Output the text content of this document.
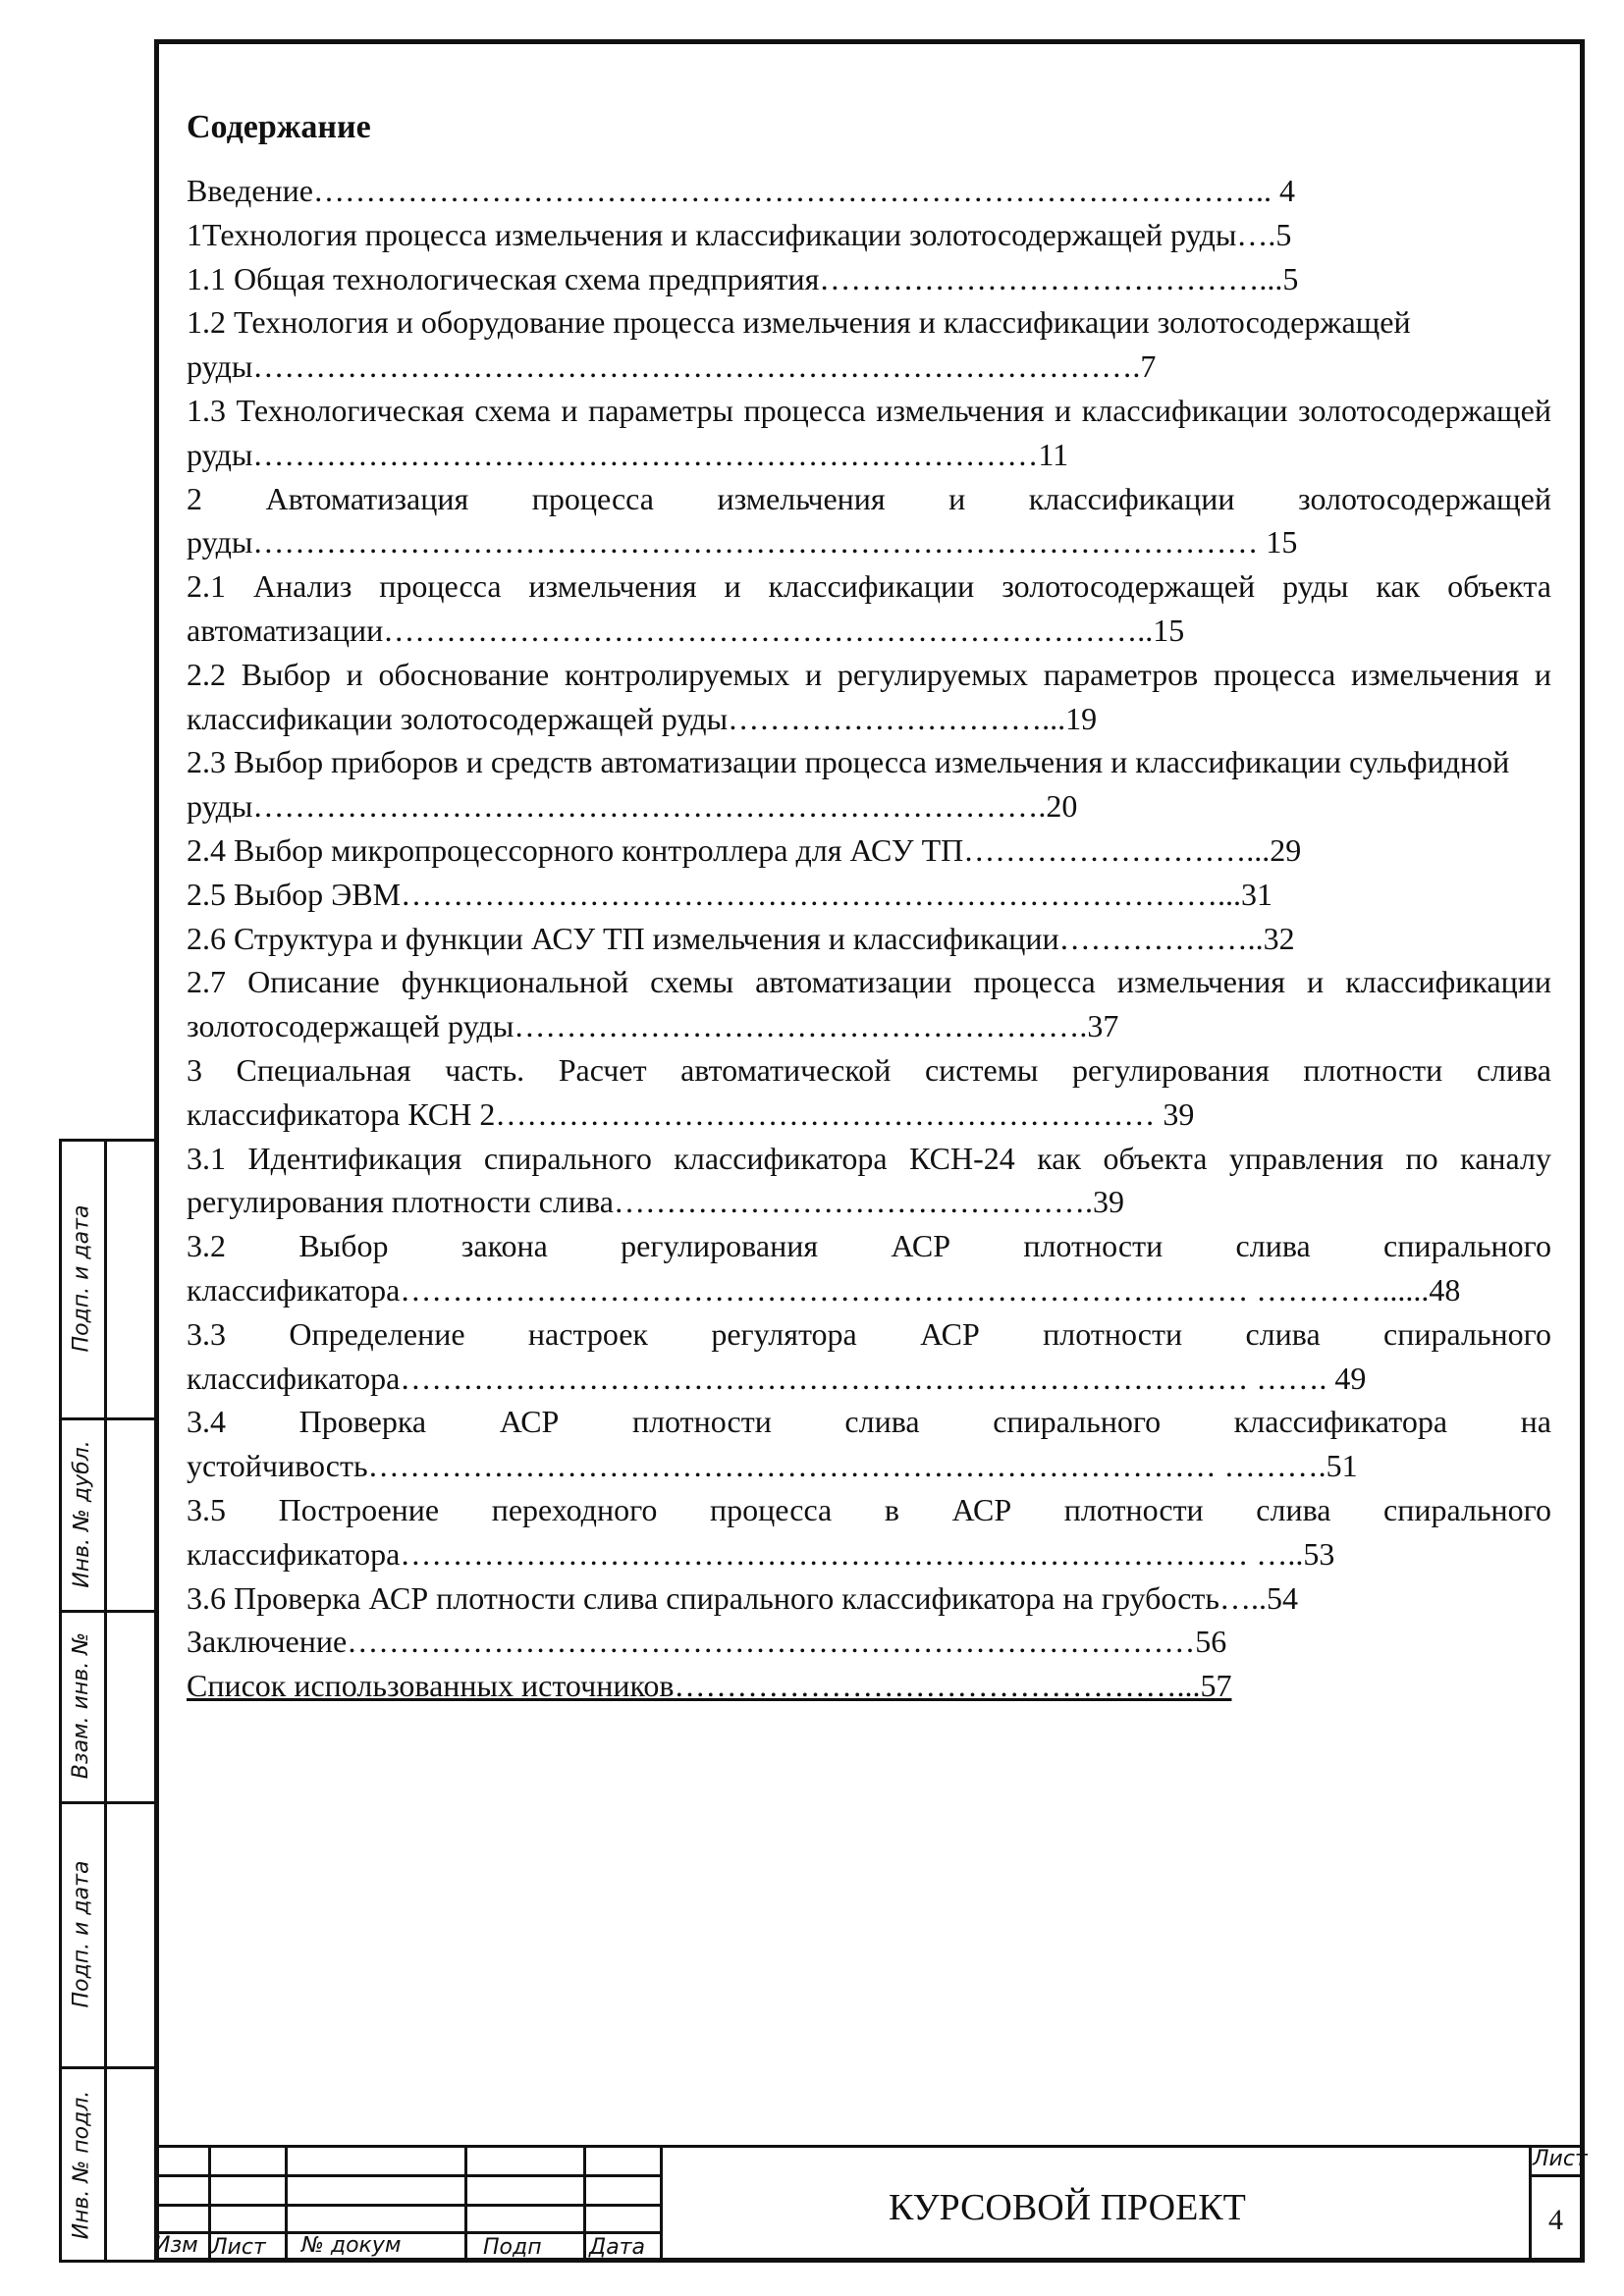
Подп. и дата
Инв. № дубл.
Взам. инв. №
Подп. и дата
Инв. № подл.
Содержание
Введение……………………………………………………………………………….. 4
1Технология процесса измельчения и классификации золотосодержащей руды….5
1.1 Общая технологическая схема предприятия……………………………………...5
1.2 Технология и оборудование процесса измельчения и классификации золотосодержащей
руды………………………………………………………………………….7
1.3 Технологическая схема и параметры процесса измельчения и классификации золотосодержащей руды…………………………………………………………………11
2 Автоматизация процесса измельчения и классификации золотосодержащей руды…………………………………………………………………………………… 15
2.1 Анализ процесса измельчения и классификации золотосодержащей руды как объекта автоматизации………………………………………………………………..15
2.2 Выбор и обоснование контролируемых и регулируемых параметров процесса измельчения и классификации золотосодержащей руды…………………………...19
2.3 Выбор приборов и средств автоматизации процесса измельчения и классификации сульфидной
руды………………………………………………………………….20
2.4 Выбор микропроцессорного контроллера для АСУ ТП………………………...29
2.5 Выбор ЭВМ……………………………………………………………………...31
2.6 Структура и функции АСУ ТП измельчения и классификации………………..32
2.7 Описание функциональной схемы автоматизации процесса измельчения и классификации золотосодержащей руды……………………………………………….37
3 Специальная часть. Расчет автоматической системы регулирования плотности слива классификатора КСН 2……………………………………………………… 39
3.1 Идентификация спирального классификатора КСН-24 как объекта управления по каналу регулирования плотности слива……………………………………….39
3.2 Выбор закона регулирования АСР плотности слива спирального классификатора……………………………………………………………………… …………......48
3.3 Определение настроек регулятора АСР плотности слива спирального классификатора……………………………………………………………………… ……. 49
3.4 Проверка АСР плотности слива спирального классификатора на устойчивость……………………………………………………………………… ……….51
3.5 Построение переходного процесса в АСР плотности слива спирального классификатора……………………………………………………………………… …..53
3.6 Проверка АСР плотности слива спирального классификатора на грубость…..54
Заключение………………………………………………………………………56
Список использованных источников…………………………………………...57
Изм Лист № докум	Подп Дата
КУРСОВОЙ ПРОЕКТ
Лист
4
